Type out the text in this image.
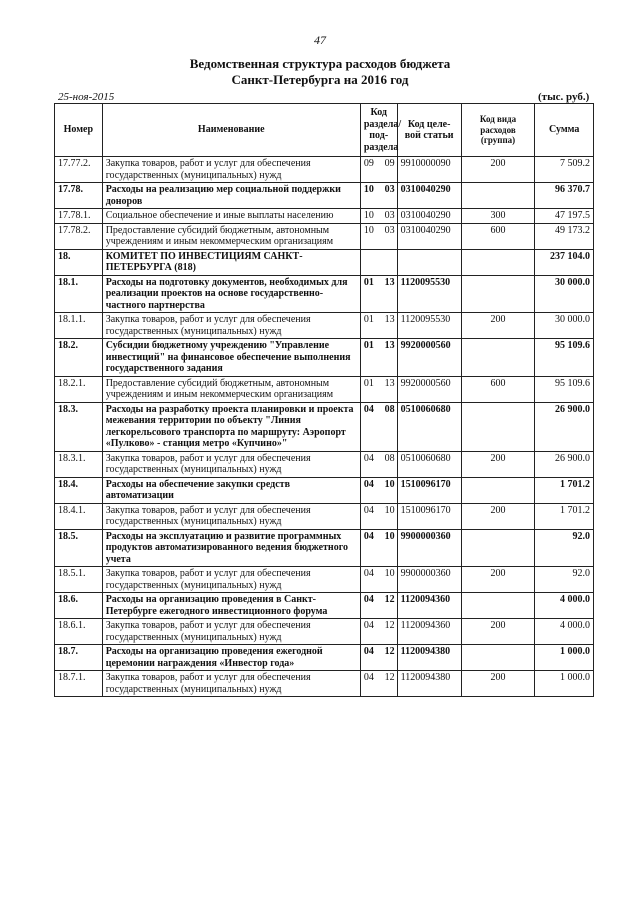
47
Ведомственная структура расходов бюджета
Санкт-Петербурга на 2016 год
25-ноя-2015	(тыс. руб.)
Номер	Наименование	Код раздела/ под-раздела		Код целе-вой статьи	Код вида расходов (группа)	Сумма
17.77.2.	Закупка товаров, работ и услуг для обеспечения государственных (муниципальных) нужд	09	09	9910000090	200	7 509.2
17.78.	Расходы на реализацию мер социальной поддержки доноров	10	03	0310040290		96 370.7
17.78.1.	Социальное обеспечение и иные выплаты населению	10	03	0310040290	300	47 197.5
17.78.2.	Предоставление субсидий бюджетным, автономным учреждениям и иным некоммерческим организациям	10	03	0310040290	600	49 173.2
18.	КОМИТЕТ ПО ИНВЕСТИЦИЯМ САНКТ-ПЕТЕРБУРГА (818)					237 104.0
18.1.	Расходы на подготовку документов, необходимых для реализации проектов на основе государственно-частного партнерства	01	13	1120095530		30 000.0
18.1.1.	Закупка товаров, работ и услуг для обеспечения государственных (муниципальных) нужд	01	13	1120095530	200	30 000.0
18.2.	Субсидии бюджетному учреждению "Управление инвестиций" на финансовое обеспечение выполнения государственного задания	01	13	9920000560		95 109.6
18.2.1.	Предоставление субсидий бюджетным, автономным учреждениям и иным некоммерческим организациям	01	13	9920000560	600	95 109.6
18.3.	Расходы на разработку проекта планировки и проекта межевания территории по объекту "Линия легкорельсового транспорта по маршруту: Аэропорт «Пулково» - станция метро «Купчино»"	04	08	0510060680		26 900.0
18.3.1.	Закупка товаров, работ и услуг для обеспечения государственных (муниципальных) нужд	04	08	0510060680	200	26 900.0
18.4.	Расходы на обеспечение закупки средств автоматизации	04	10	1510096170		1 701.2
18.4.1.	Закупка товаров, работ и услуг для обеспечения государственных (муниципальных) нужд	04	10	1510096170	200	1 701.2
18.5.	Расходы на эксплуатацию и развитие программных продуктов автоматизированного ведения бюджетного учета	04	10	9900000360		92.0
18.5.1.	Закупка товаров, работ и услуг для обеспечения государственных (муниципальных) нужд	04	10	9900000360	200	92.0
18.6.	Расходы на организацию проведения в Санкт-Петербурге ежегодного инвестиционного форума	04	12	1120094360		4 000.0
18.6.1.	Закупка товаров, работ и услуг для обеспечения государственных (муниципальных) нужд	04	12	1120094360	200	4 000.0
18.7.	Расходы на организацию проведения ежегодной церемонии награждения «Инвестор года»	04	12	1120094380		1 000.0
18.7.1.	Закупка товаров, работ и услуг для обеспечения государственных (муниципальных) нужд	04	12	1120094380	200	1 000.0
